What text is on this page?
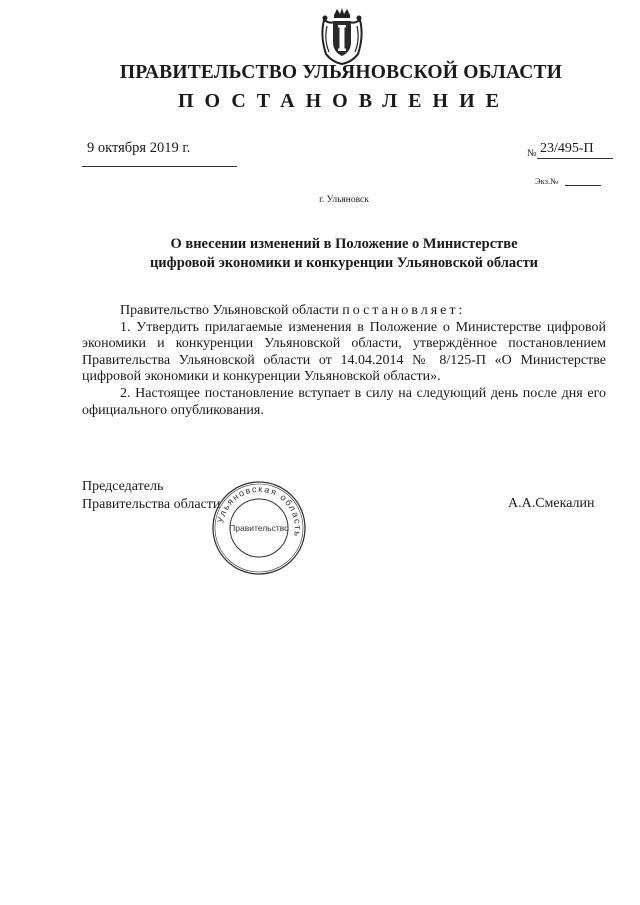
ПРАВИТЕЛЬСТВО УЛЬЯНОВСКОЙ ОБЛАСТИ
ПОСТАНОВЛЕНИЕ
9 октября 2019 г.	№ 23/495-П
Экз.№
г. Ульяновск
О внесении изменений в Положение о Министерстве
цифровой экономики и конкуренции Ульяновской области

Правительство Ульяновской области постановляет:

1. Утвердить прилагаемые изменения в Положение о Министерстве цифровой экономики и конкуренции Ульяновской области, утверждённое постановлением Правительства Ульяновской области от 14.04.2014 № 8/125-П «О Министерстве цифровой экономики и конкуренции Ульяновской области».

2. Настоящее постановление вступает в силу на следующий день после дня его официального опубликования.

Председатель
Правительства области	А.А.Смекалин
Ульяновская область
Правительство
